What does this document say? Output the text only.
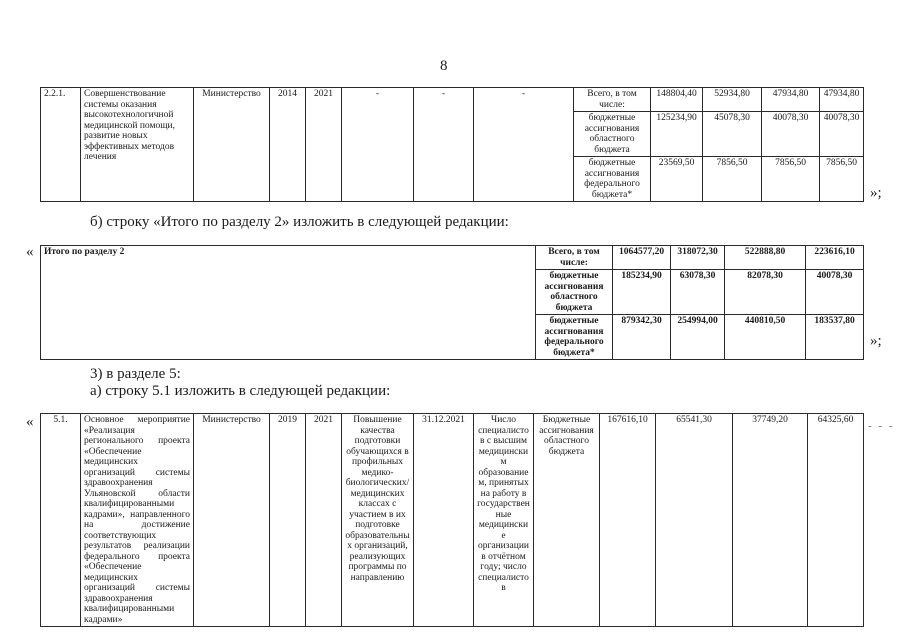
8
2.2.1.	Совершенствование системы оказания высокотехнологичной медицинской помощи, развитие новых эффективных методов лечения	Министерство	2014	2021	-	-	-	Всего, в том числе:	148804,40	52934,80	47934,80	47934,80
								бюджетные ассигнования областного бюджета	125234,90	45078,30	40078,30	40078,30
								бюджетные ассигнования федерального бюджета*	23569,50	7856,50	7856,50	7856,50
»;
б) строку «Итого по разделу 2» изложить в следующей редакции:
« Итого по разделу 2	Всего, в том числе:	1064577,20	318072,30	522888,80	223616,10
	бюджетные ассигнования областного бюджета	185234,90	63078,30	82078,30	40078,30
	бюджетные ассигнования федерального бюджета*	879342,30	254994,00	440810,50	183537,80
»;
3) в разделе 5:
а) строку 5.1 изложить в следующей редакции:
« 5.1.	Основное мероприятие «Реализация регионального проекта «Обеспечение медицинских организаций системы здравоохранения Ульяновской области квалифицированными кадрами», направленного на достижение соответствующих результатов реализации федерального проекта «Обеспечение медицинских организаций системы здравоохранения квалифицированными кадрами»	Министерство	2019	2021	Повышение качества подготовки обучающихся в профильных медико-биологических/медицинских классах с участием в их подготовке образовательных организаций, реализующих программы по направлению	31.12.2021	Число специалистов с высшим медицинским образованием, принятых на работу в государственные медицинские организации в отчётном году; число специалистов	Бюджетные ассигнования областного бюджета	167616,10	65541,30	37749,20	64325,60 - - -
